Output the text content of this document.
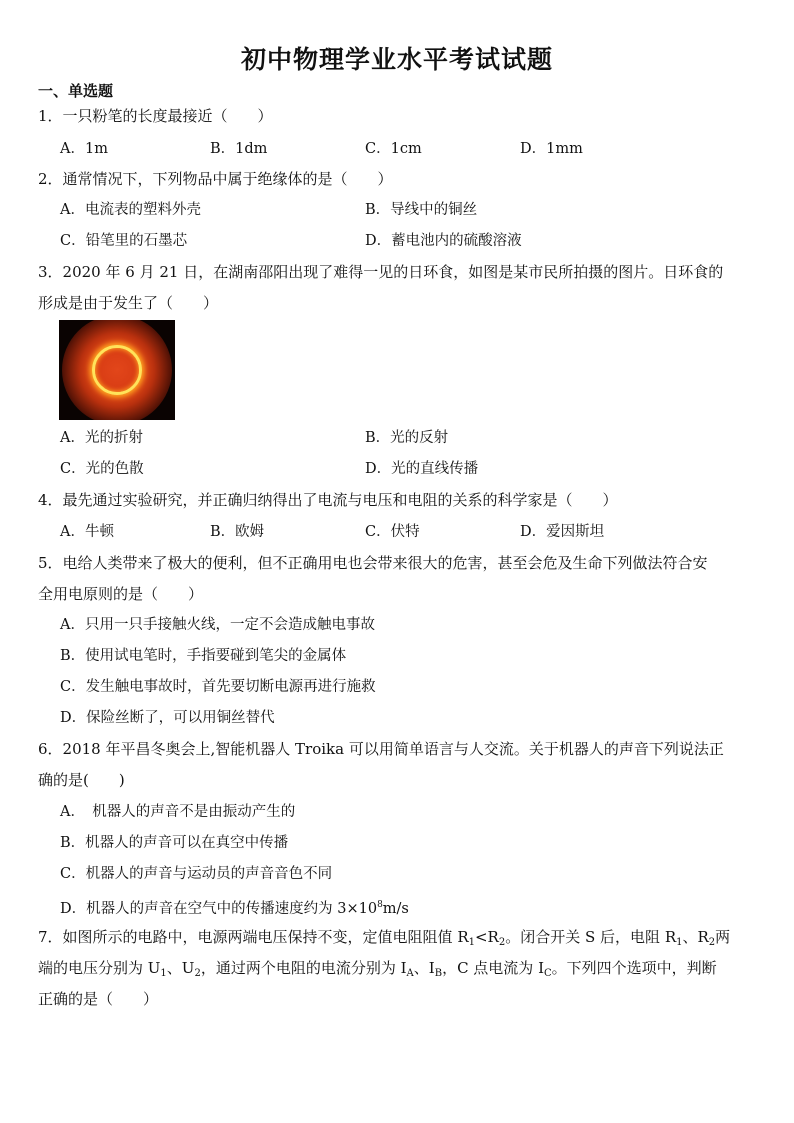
初中物理学业水平考试试题
一、单选题
1．一只粉笔的长度最接近（　　）
A．1m	B．1dm	C．1cm	D．1mm
2．通常情况下，下列物品中属于绝缘体的是（　　）
A．电流表的塑料外壳	B．导线中的铜丝
C．铅笔里的石墨芯	D．蓄电池内的硫酸溶液
3．2020 年 6 月 21 日，在湖南邵阳出现了难得一见的日环食，如图是某市民所拍摄的图片。日环食的
形成是由于发生了（　　）
A．光的折射	B．光的反射
C．光的色散	D．光的直线传播
4．最先通过实验研究，并正确归纳得出了电流与电压和电阻的关系的科学家是（　　）
A．牛顿	B．欧姆	C．伏特	D．爱因斯坦
5．电给人类带来了极大的便利，但不正确用电也会带来很大的危害，甚至会危及生命下列做法符合安
全用电原则的是（　　）
A．只用一只手接触火线，一定不会造成触电事故
B．使用试电笔时，手指要碰到笔尖的金属体
C．发生触电事故时，首先要切断电源再进行施救
D．保险丝断了，可以用铜丝替代
6．2018 年平昌冬奥会上,智能机器人 Troika 可以用简单语言与人交流。关于机器人的声音下列说法正
确的是(　　)
A．　机器人的声音不是由振动产生的
B．机器人的声音可以在真空中传播
C．机器人的声音与运动员的声音音色不同
D．机器人的声音在空气中的传播速度约为 $3\times 10^8m/s$
7．如图所示的电路中，电源两端电压保持不变，定值电阻阻值 $R_1<R_2$。闭合开关 S 后，电阻 $R_1$、$R_2$两
端的电压分别为 $U_1$、$U_2$，通过两个电阻的电流分别为 $I_A$、$I_B$，C 点电流为 $I_C$。下列四个选项中，判断
正确的是（　　）
